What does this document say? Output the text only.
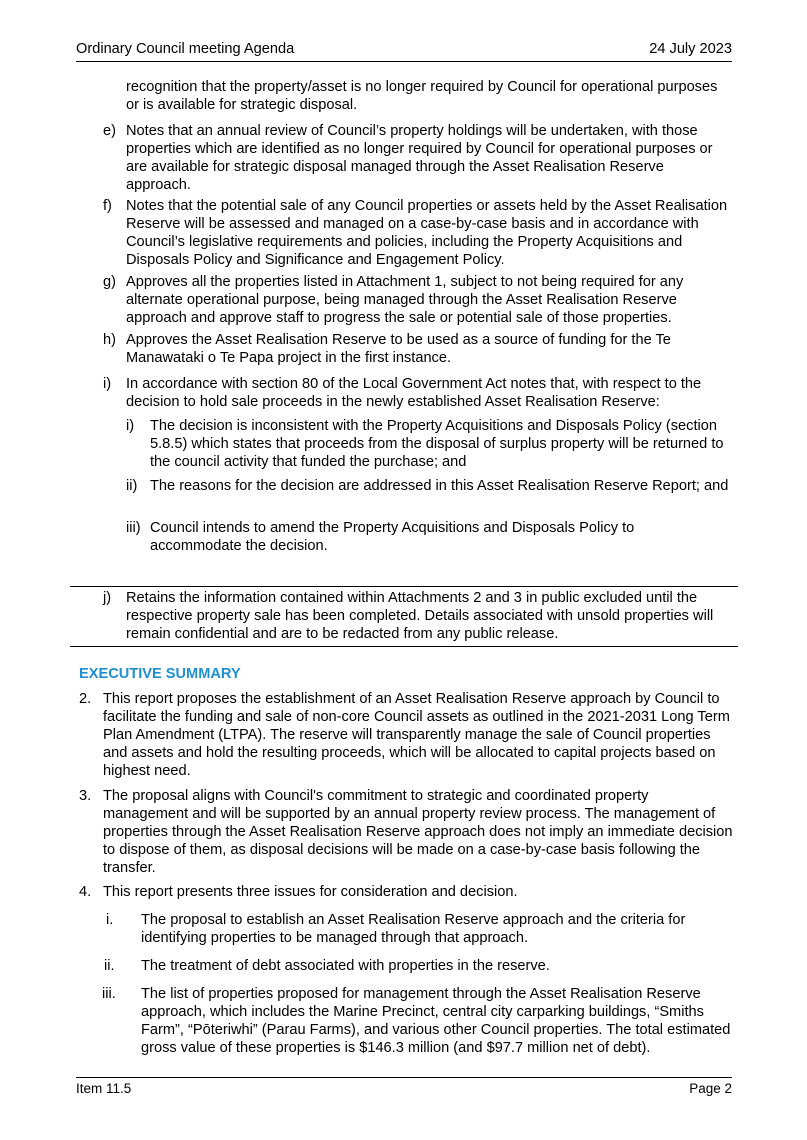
Ordinary Council meeting Agenda	24 July 2023
recognition that the property/asset is no longer required by Council for operational purposes or is available for strategic disposal.
e) Notes that an annual review of Council’s property holdings will be undertaken, with those properties which are identified as no longer required by Council for operational purposes or are available for strategic disposal managed through the Asset Realisation Reserve approach.
f) Notes that the potential sale of any Council properties or assets held by the Asset Realisation Reserve will be assessed and managed on a case-by-case basis and in accordance with Council’s legislative requirements and policies, including the Property Acquisitions and Disposals Policy and Significance and Engagement Policy.
g) Approves all the properties listed in Attachment 1, subject to not being required for any alternate operational purpose, being managed through the Asset Realisation Reserve approach and approve staff to progress the sale or potential sale of those properties.
h) Approves the Asset Realisation Reserve to be used as a source of funding for the Te Manawataki o Te Papa project in the first instance.
i) In accordance with section 80 of the Local Government Act notes that, with respect to the decision to hold sale proceeds in the newly established Asset Realisation Reserve:
i) The decision is inconsistent with the Property Acquisitions and Disposals Policy (section 5.8.5) which states that proceeds from the disposal of surplus property will be returned to the council activity that funded the purchase; and
ii) The reasons for the decision are addressed in this Asset Realisation Reserve Report; and
iii) Council intends to amend the Property Acquisitions and Disposals Policy to accommodate the decision.
j) Retains the information contained within Attachments 2 and 3 in public excluded until the respective property sale has been completed. Details associated with unsold properties will remain confidential and are to be redacted from any public release.
EXECUTIVE SUMMARY
2. This report proposes the establishment of an Asset Realisation Reserve approach by Council to facilitate the funding and sale of non-core Council assets as outlined in the 2021-2031 Long Term Plan Amendment (LTPA). The reserve will transparently manage the sale of Council properties and assets and hold the resulting proceeds, which will be allocated to capital projects based on highest need.
3. The proposal aligns with Council's commitment to strategic and coordinated property management and will be supported by an annual property review process. The management of properties through the Asset Realisation Reserve approach does not imply an immediate decision to dispose of them, as disposal decisions will be made on a case-by-case basis following the transfer.
4. This report presents three issues for consideration and decision.
i. The proposal to establish an Asset Realisation Reserve approach and the criteria for identifying properties to be managed through that approach.
ii. The treatment of debt associated with properties in the reserve.
iii. The list of properties proposed for management through the Asset Realisation Reserve approach, which includes the Marine Precinct, central city carparking buildings, “Smiths Farm”, “Pōteriwhi” (Parau Farms), and various other Council properties. The total estimated gross value of these properties is $146.3 million (and $97.7 million net of debt).
Item 11.5	Page 2
